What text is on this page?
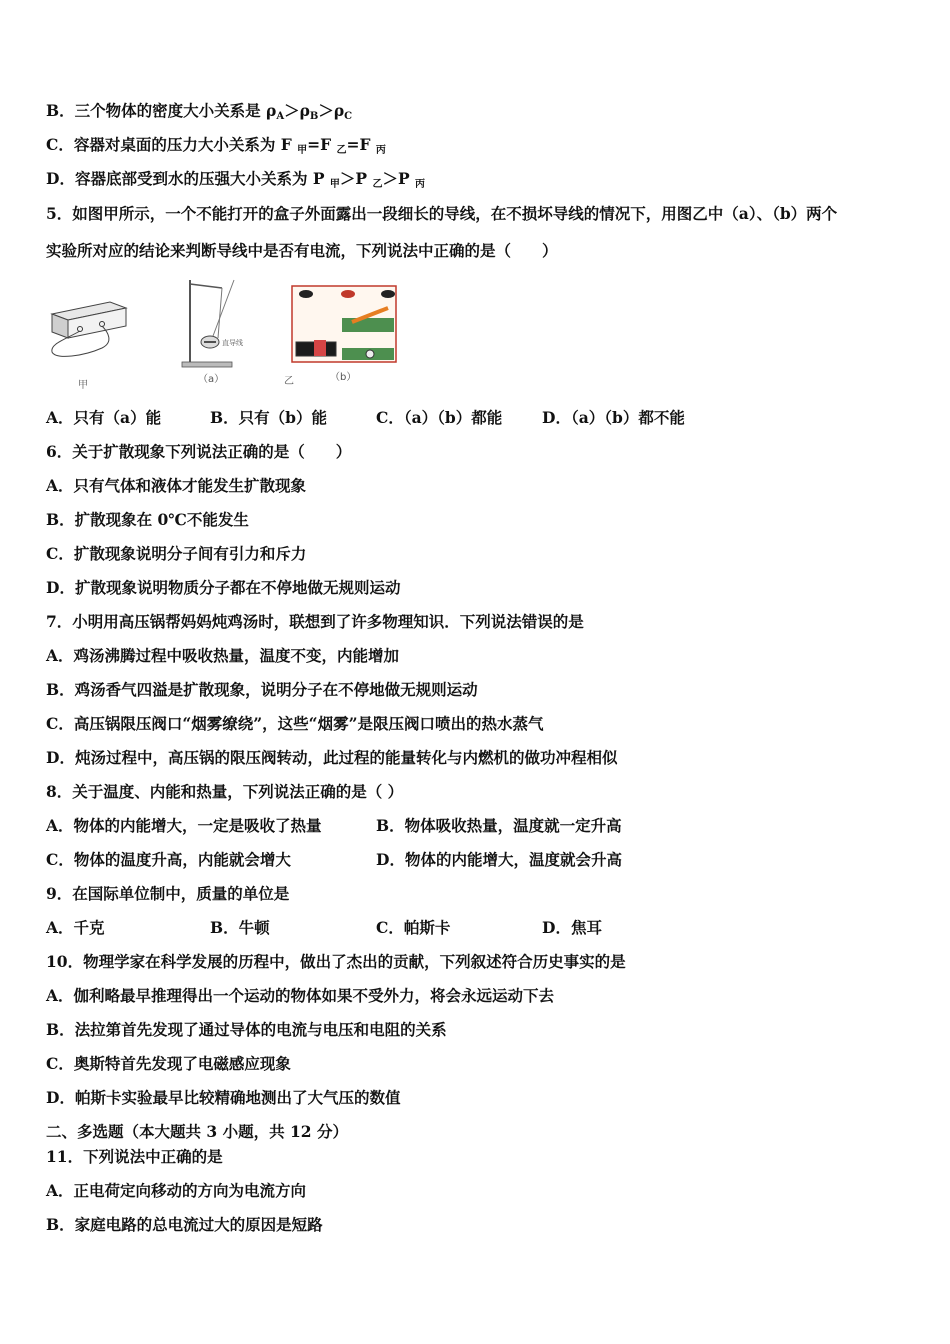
B．三个物体的密度大小关系是 $\rho_A>\rho_B>\rho_C$
C．容器对桌面的压力大小关系为 F $_甲$=F $_乙$=F $_丙$
D．容器底部受到水的压强大小关系为 P $_甲$＞P $_乙$＞P $_丙$
5．如图甲所示，一个不能打开的盒子外面露出一段细长的导线，在不损坏导线的情况下，用图乙中（a）、（b）两个
实验所对应的结论来判断导线中是否有电流，下列说法中正确的是（　　）
甲
直导线
（a）	乙	（b）
A．只有（a）能	B．只有（b）能	C．（a）（b）都能	D．（a）（b）都不能
6．关于扩散现象下列说法正确的是（　　）
A．只有气体和液体才能发生扩散现象
B．扩散现象在 0℃不能发生
C．扩散现象说明分子间有引力和斥力
D．扩散现象说明物质分子都在不停地做无规则运动
7．小明用高压锅帮妈妈炖鸡汤时，联想到了许多物理知识．下列说法错误的是
A．鸡汤沸腾过程中吸收热量，温度不变，内能增加
B．鸡汤香气四溢是扩散现象，说明分子在不停地做无规则运动
C．高压锅限压阀口“烟雾缭绕”，这些“烟雾”是限压阀口喷出的热水蒸气
D．炖汤过程中，高压锅的限压阀转动，此过程的能量转化与内燃机的做功冲程相似
8．关于温度、内能和热量，下列说法正确的是（ ）
A．物体的内能增大，一定是吸收了热量	B．物体吸收热量，温度就一定升高
C．物体的温度升高，内能就会增大	D．物体的内能增大，温度就会升高
9．在国际单位制中，质量的单位是
A．千克	B．牛顿	C．帕斯卡	D．焦耳
10．物理学家在科学发展的历程中，做出了杰出的贡献，下列叙述符合历史事实的是
A．伽利略最早推理得出一个运动的物体如果不受外力，将会永远运动下去
B．法拉第首先发现了通过导体的电流与电压和电阻的关系
C．奥斯特首先发现了电磁感应现象
D．帕斯卡实验最早比较精确地测出了大气压的数值
二、多选题（本大题共 3 小题，共 12 分）
11．下列说法中正确的是
A．正电荷定向移动的方向为电流方向
B．家庭电路的总电流过大的原因是短路
